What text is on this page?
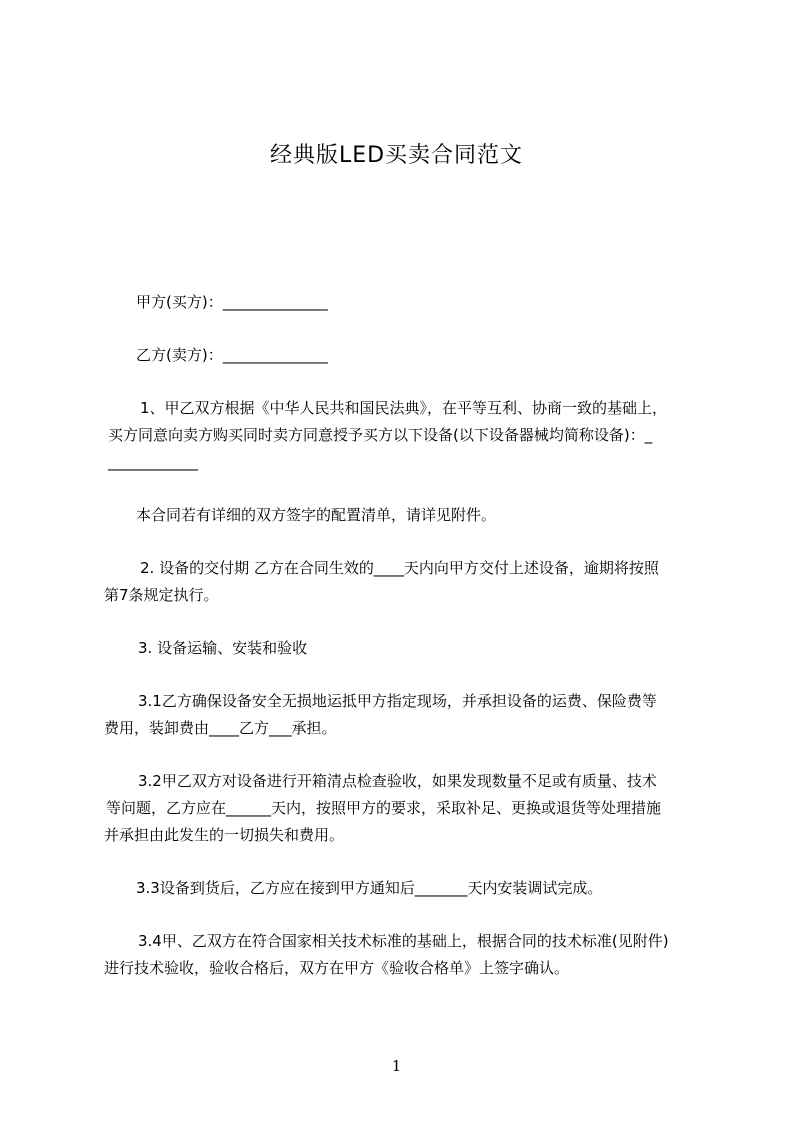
经典版LED买卖合同范文
甲方(买方)：______________
乙方(卖方)：______________
1、甲乙双方根据《中华人民共和国民法典》，在平等互利、协商一致的基础上，
买方同意向卖方购买同时卖方同意授予买方以下设备(以下设备器械均简称设备)：_
____________
本合同若有详细的双方签字的配置清单，请详见附件。
2. 设备的交付期 乙方在合同生效的____天内向甲方交付上述设备，逾期将按照
第7条规定执行。
3. 设备运输、安装和验收
3.1乙方确保设备安全无损地运抵甲方指定现场，并承担设备的运费、保险费等
费用，装卸费由____乙方___承担。
3.2甲乙双方对设备进行开箱清点检查验收，如果发现数量不足或有质量、技术
等问题，乙方应在______天内，按照甲方的要求，采取补足、更换或退货等处理措施
并承担由此发生的一切损失和费用。
3.3设备到货后，乙方应在接到甲方通知后_______天内安装调试完成。
3.4甲、乙双方在符合国家相关技术标准的基础上，根据合同的技术标准(见附件)
进行技术验收，验收合格后，双方在甲方《验收合格单》上签字确认。
1
